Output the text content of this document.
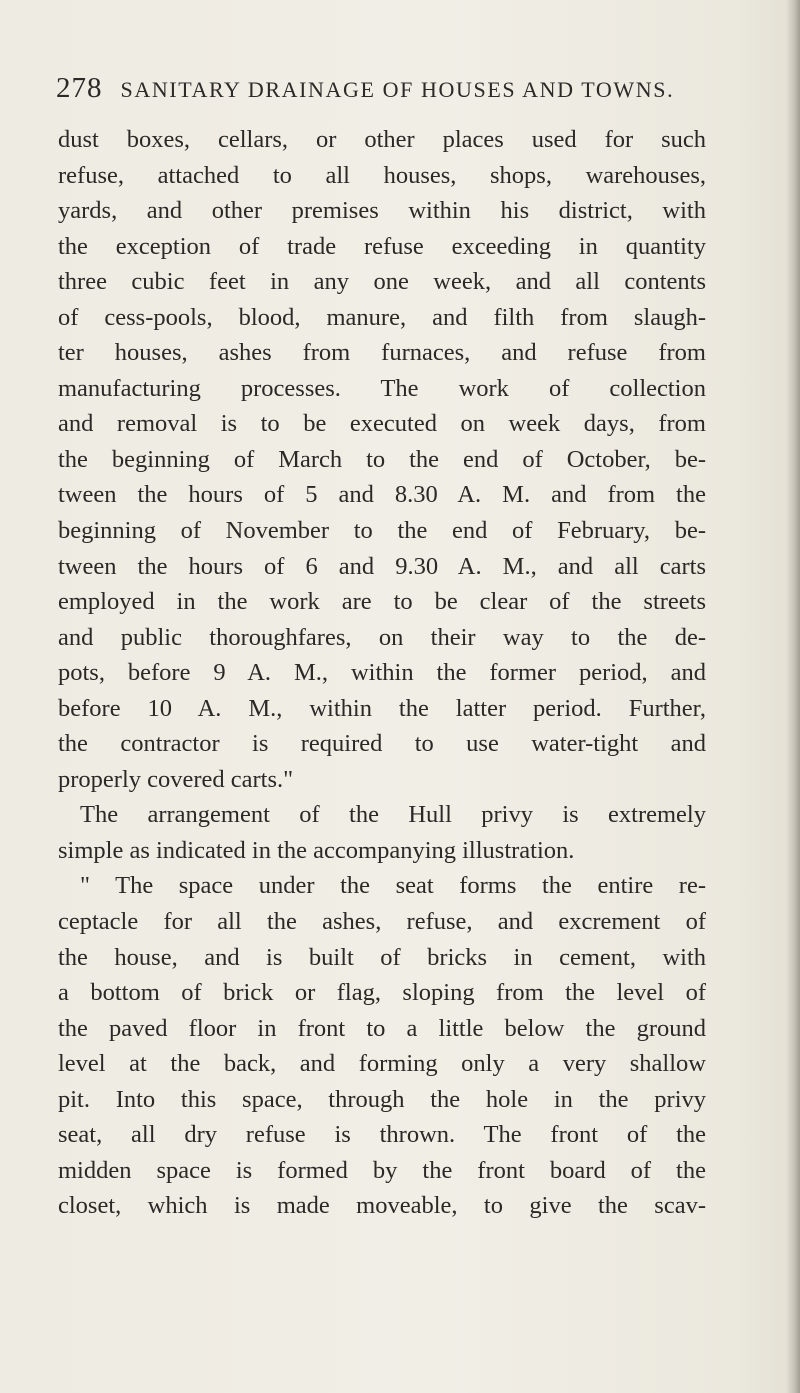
278 SANITARY DRAINAGE OF HOUSES AND TOWNS.
dust boxes, cellars, or other places used for such
refuse, attached to all houses, shops, warehouses,
yards, and other premises within his district, with
the exception of trade refuse exceeding in quantity
three cubic feet in any one week, and all contents
of cess-pools, blood, manure, and filth from slaugh-
ter houses, ashes from furnaces, and refuse from
manufacturing processes. The work of collection
and removal is to be executed on week days, from
the beginning of March to the end of October, be-
tween the hours of 5 and 8.30 A. M. and from the
beginning of November to the end of February, be-
tween the hours of 6 and 9.30 A. M., and all carts
employed in the work are to be clear of the streets
and public thoroughfares, on their way to the de-
pots, before 9 A. M., within the former period, and
before 10 A. M., within the latter period. Further,
the contractor is required to use water-tight and
properly covered carts."
The arrangement of the Hull privy is extremely
simple as indicated in the accompanying illustration.
" The space under the seat forms the entire re-
ceptacle for all the ashes, refuse, and excrement of
the house, and is built of bricks in cement, with
a bottom of brick or flag, sloping from the level of
the paved floor in front to a little below the ground
level at the back, and forming only a very shallow
pit. Into this space, through the hole in the privy
seat, all dry refuse is thrown. The front of the
midden space is formed by the front board of the
closet, which is made moveable, to give the scav-
